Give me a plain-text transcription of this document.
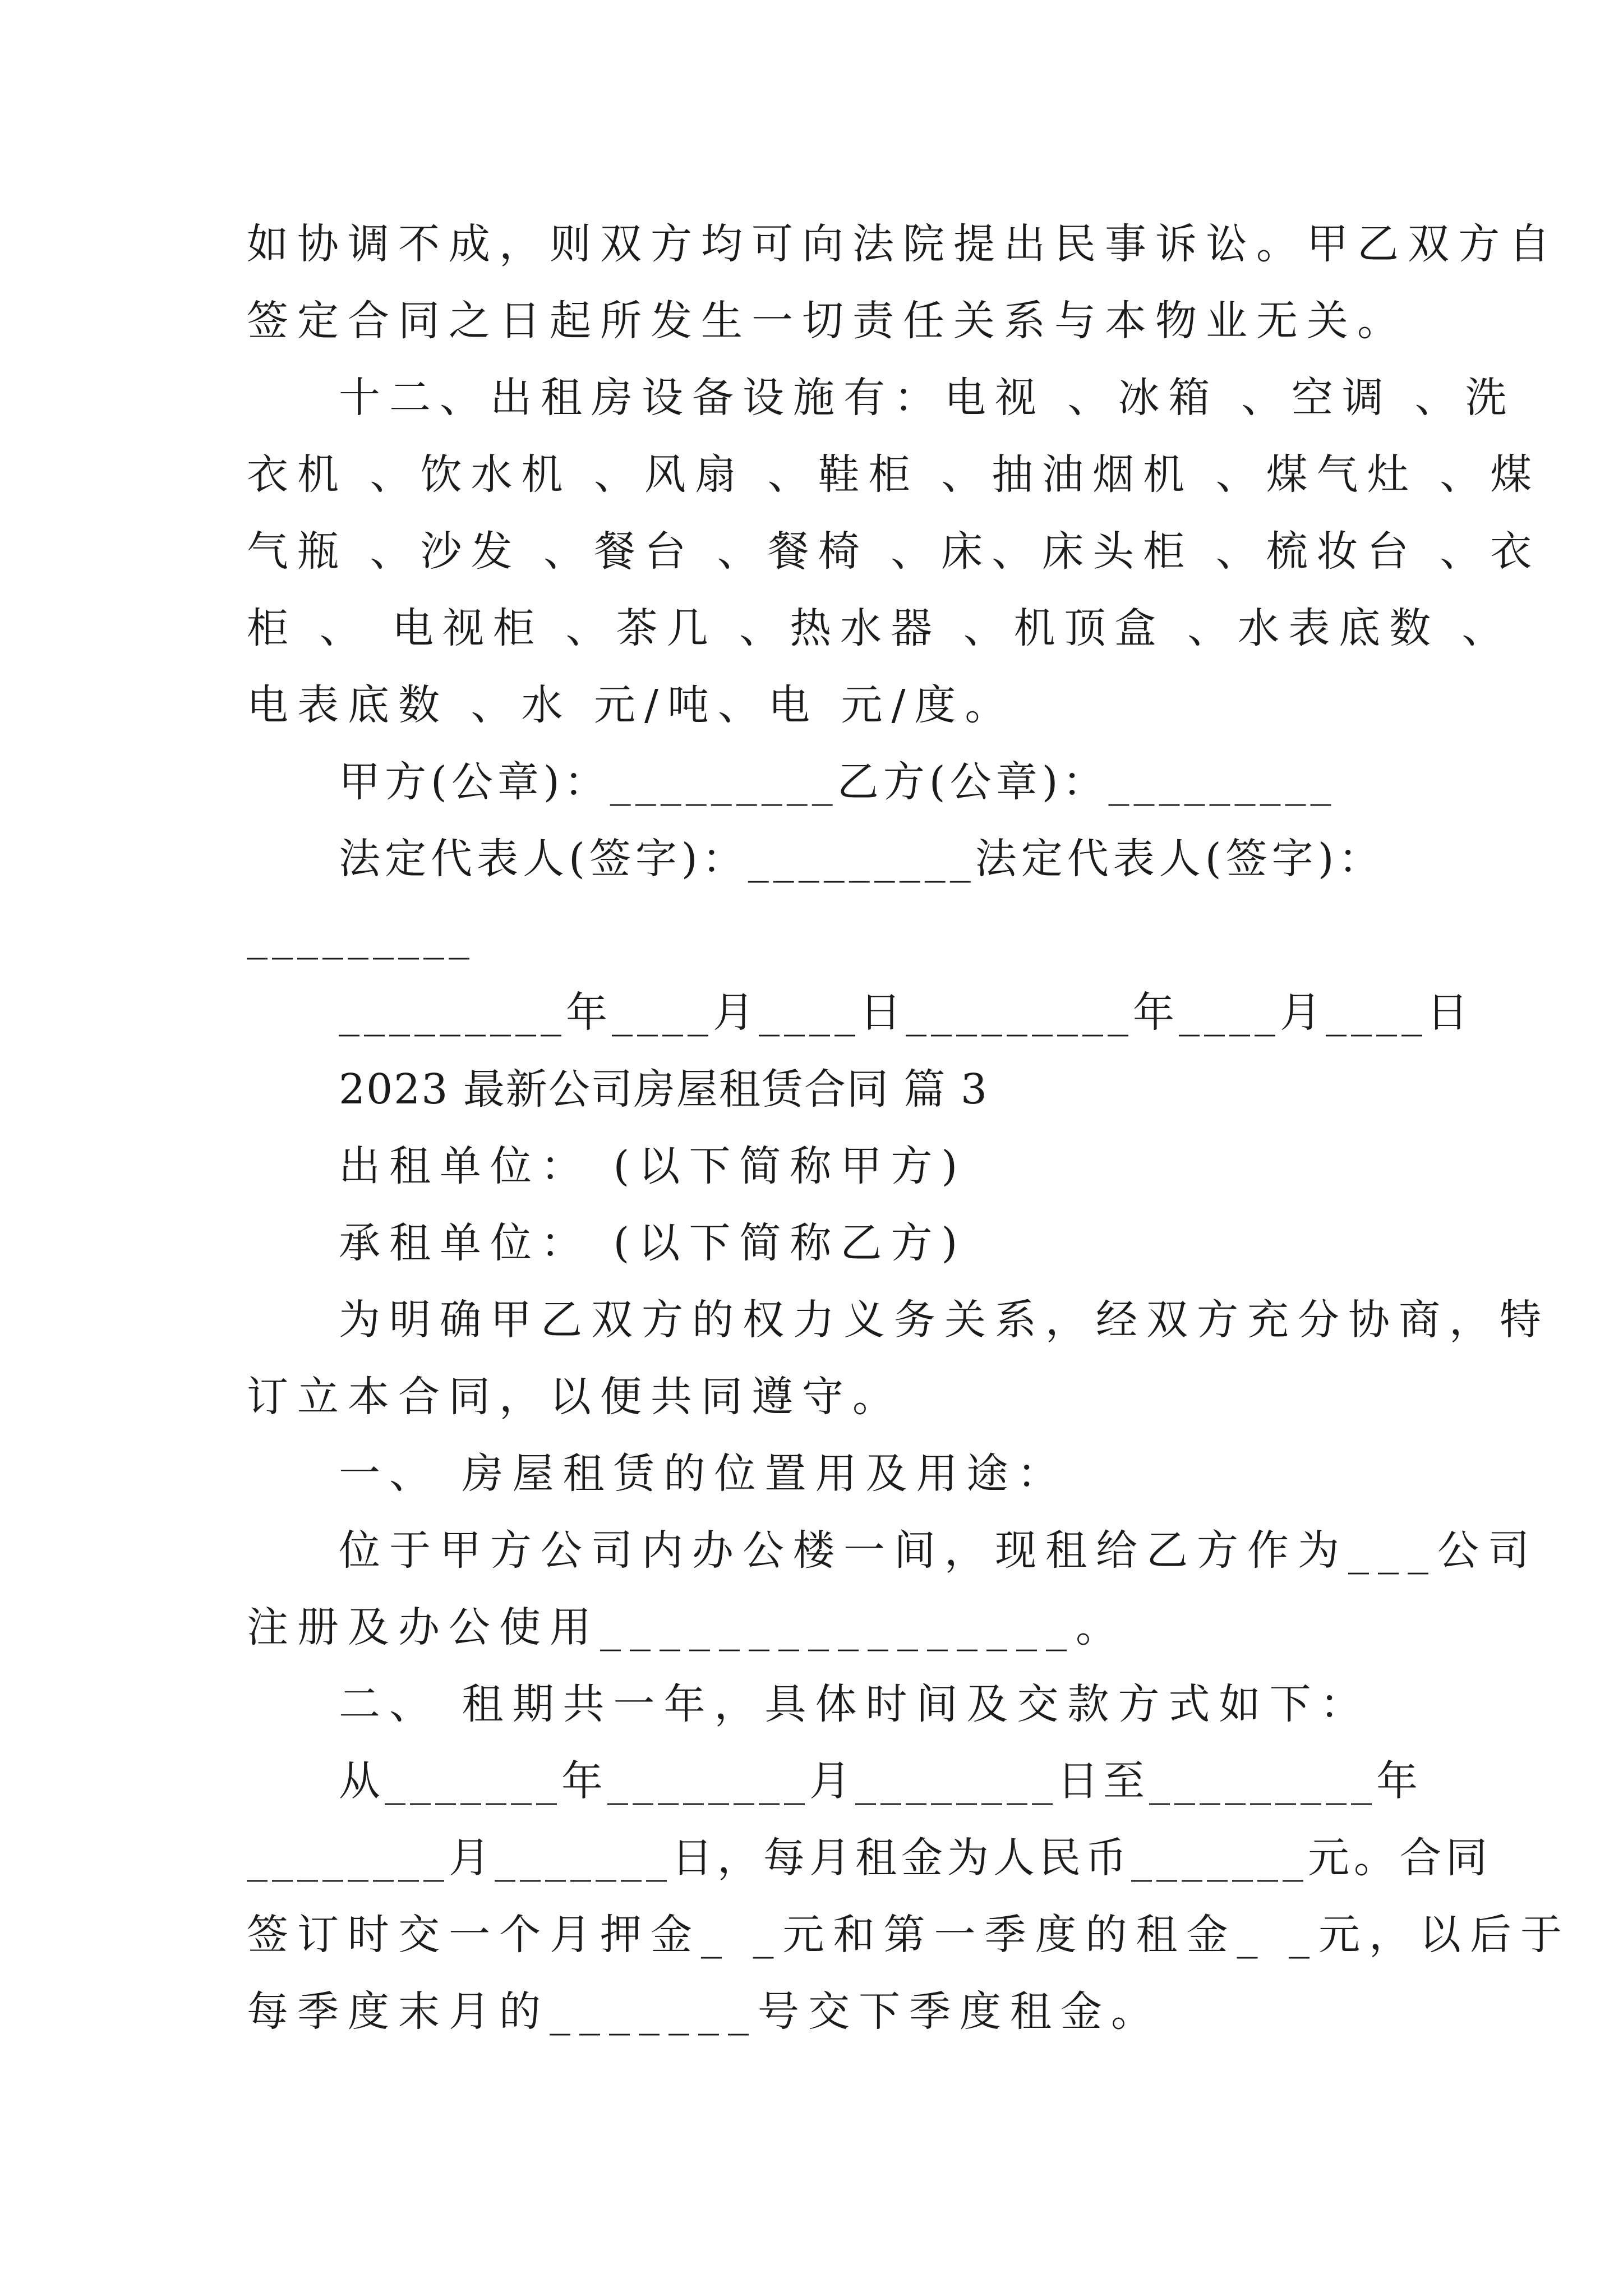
如协调不成，则双方均可向法院提出民事诉讼。甲乙双方自
签定合同之日起所发生一切责任关系与本物业无关。
十二、出租房设备设施有：电视 、冰箱 、空调 、洗
衣机 、饮水机 、风扇 、鞋柜 、抽油烟机 、煤气灶 、煤
气瓶 、沙发 、餐台 、餐椅 、床、床头柜 、梳妆台 、衣
柜 、 电视柜 、茶几 、热水器 、机顶盒 、水表底数 、
电表底数 、水 元/吨、电 元/度。
甲方(公章)：_________乙方(公章)：_________
法定代表人(签字)：_________法定代表人(签字)：
_________
_________年____月____日_________年____月____日
2023 最新公司房屋租赁合同 篇 3
出租单位： (以下简称甲方)
承租单位： (以下简称乙方)
为明确甲乙双方的权力义务关系，经双方充分协商，特
订立本合同，以便共同遵守。
一、 房屋租赁的位置用及用途：
位于甲方公司内办公楼一间，现租给乙方作为___公司
注册及办公使用________________。
二、 租期共一年，具体时间及交款方式如下：
从_______年________月________日至_________年
________月_______日，每月租金为人民币_______元。合同
签订时交一个月押金_ _元和第一季度的租金_ _元，以后于
每季度末月的_______号交下季度租金。
